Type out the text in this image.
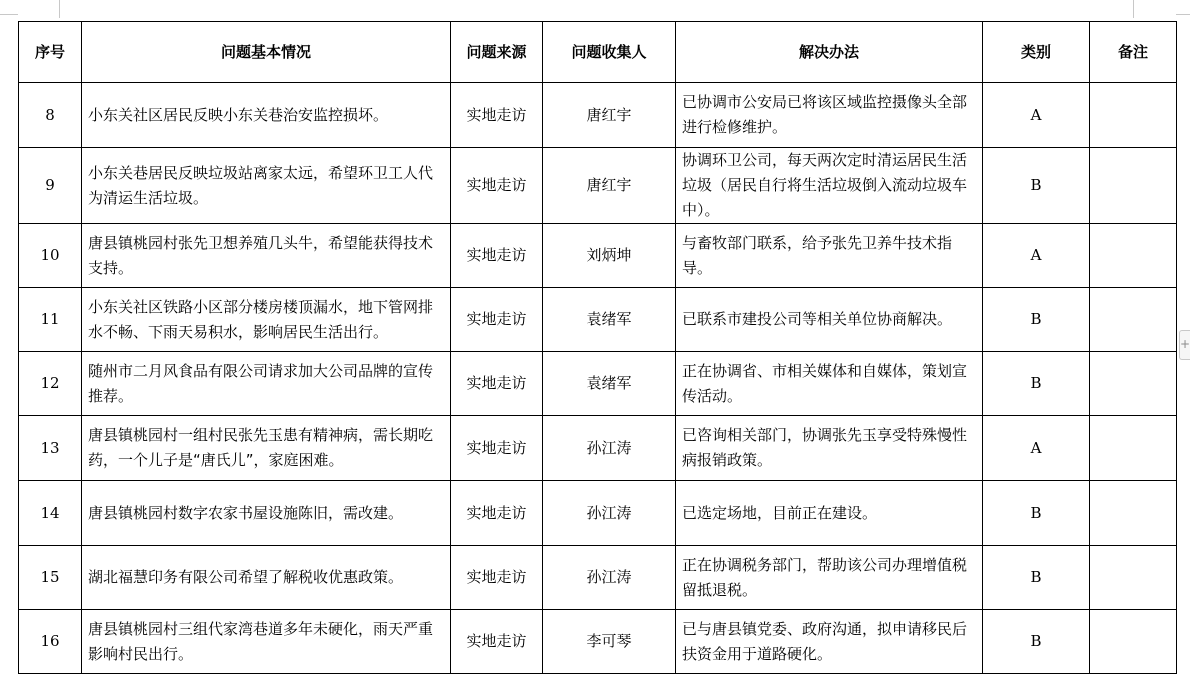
+
序号	问题基本情况	问题来源	问题收集人	解决办法	类别	备注
8	小东关社区居民反映小东关巷治安监控损坏。	实地走访	唐红宇	已协调市公安局已将该区域监控摄像头全部进行检修维护。	A	
9	小东关巷居民反映垃圾站离家太远，希望环卫工人代为清运生活垃圾。	实地走访	唐红宇	协调环卫公司，每天两次定时清运居民生活垃圾（居民自行将生活垃圾倒入流动垃圾车中）。	B	
10	唐县镇桃园村张先卫想养殖几头牛，希望能获得技术支持。	实地走访	刘炳坤	与畜牧部门联系，给予张先卫养牛技术指导。	A	
11	小东关社区铁路小区部分楼房楼顶漏水，地下管网排水不畅、下雨天易积水，影响居民生活出行。	实地走访	袁绪军	已联系市建投公司等相关单位协商解决。	B	
12	随州市二月风食品有限公司请求加大公司品牌的宣传推荐。	实地走访	袁绪军	正在协调省、市相关媒体和自媒体，策划宣传活动。	B	
13	唐县镇桃园村一组村民张先玉患有精神病，需长期吃药，一个儿子是“唐氏儿”，家庭困难。	实地走访	孙江涛	已咨询相关部门，协调张先玉享受特殊慢性病报销政策。	A	
14	唐县镇桃园村数字农家书屋设施陈旧，需改建。	实地走访	孙江涛	已选定场地，目前正在建设。	B	
15	湖北福慧印务有限公司希望了解税收优惠政策。	实地走访	孙江涛	正在协调税务部门，帮助该公司办理增值税留抵退税。	B	
16	唐县镇桃园村三组代家湾巷道多年未硬化，雨天严重影响村民出行。	实地走访	李可琴	已与唐县镇党委、政府沟通，拟申请移民后扶资金用于道路硬化。	B	
